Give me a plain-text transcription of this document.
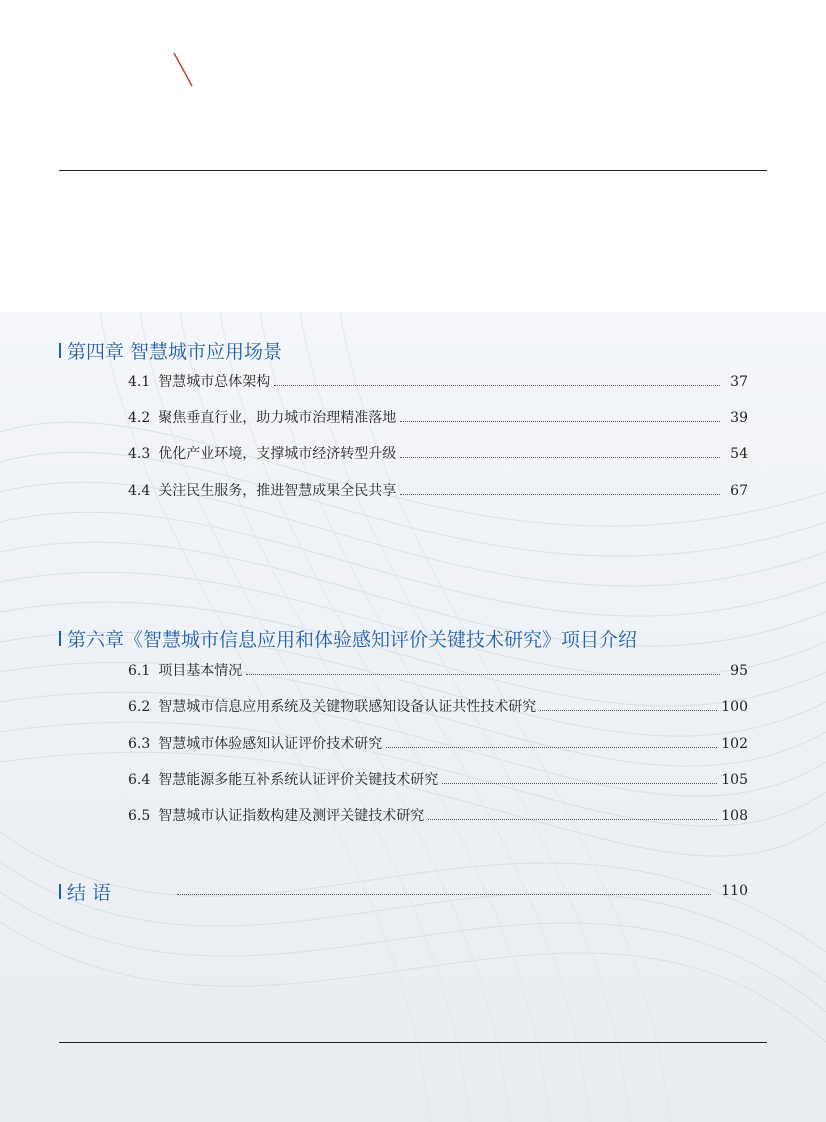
第四章 智慧城市应用场景
4.1 智慧城市总体架构	37
4.2 聚焦垂直行业，助力城市治理精准落地	39
4.3 优化产业环境，支撑城市经济转型升级	54
4.4 关注民生服务，推进智慧成果全民共享	67
第六章《智慧城市信息应用和体验感知评价关键技术研究》项目介绍
6.1 项目基本情况	95
6.2 智慧城市信息应用系统及关键物联感知设备认证共性技术研究	100
6.3 智慧城市体验感知认证评价技术研究	102
6.4 智慧能源多能互补系统认证评价关键技术研究	105
6.5 智慧城市认证指数构建及测评关键技术研究	108
结语	110
